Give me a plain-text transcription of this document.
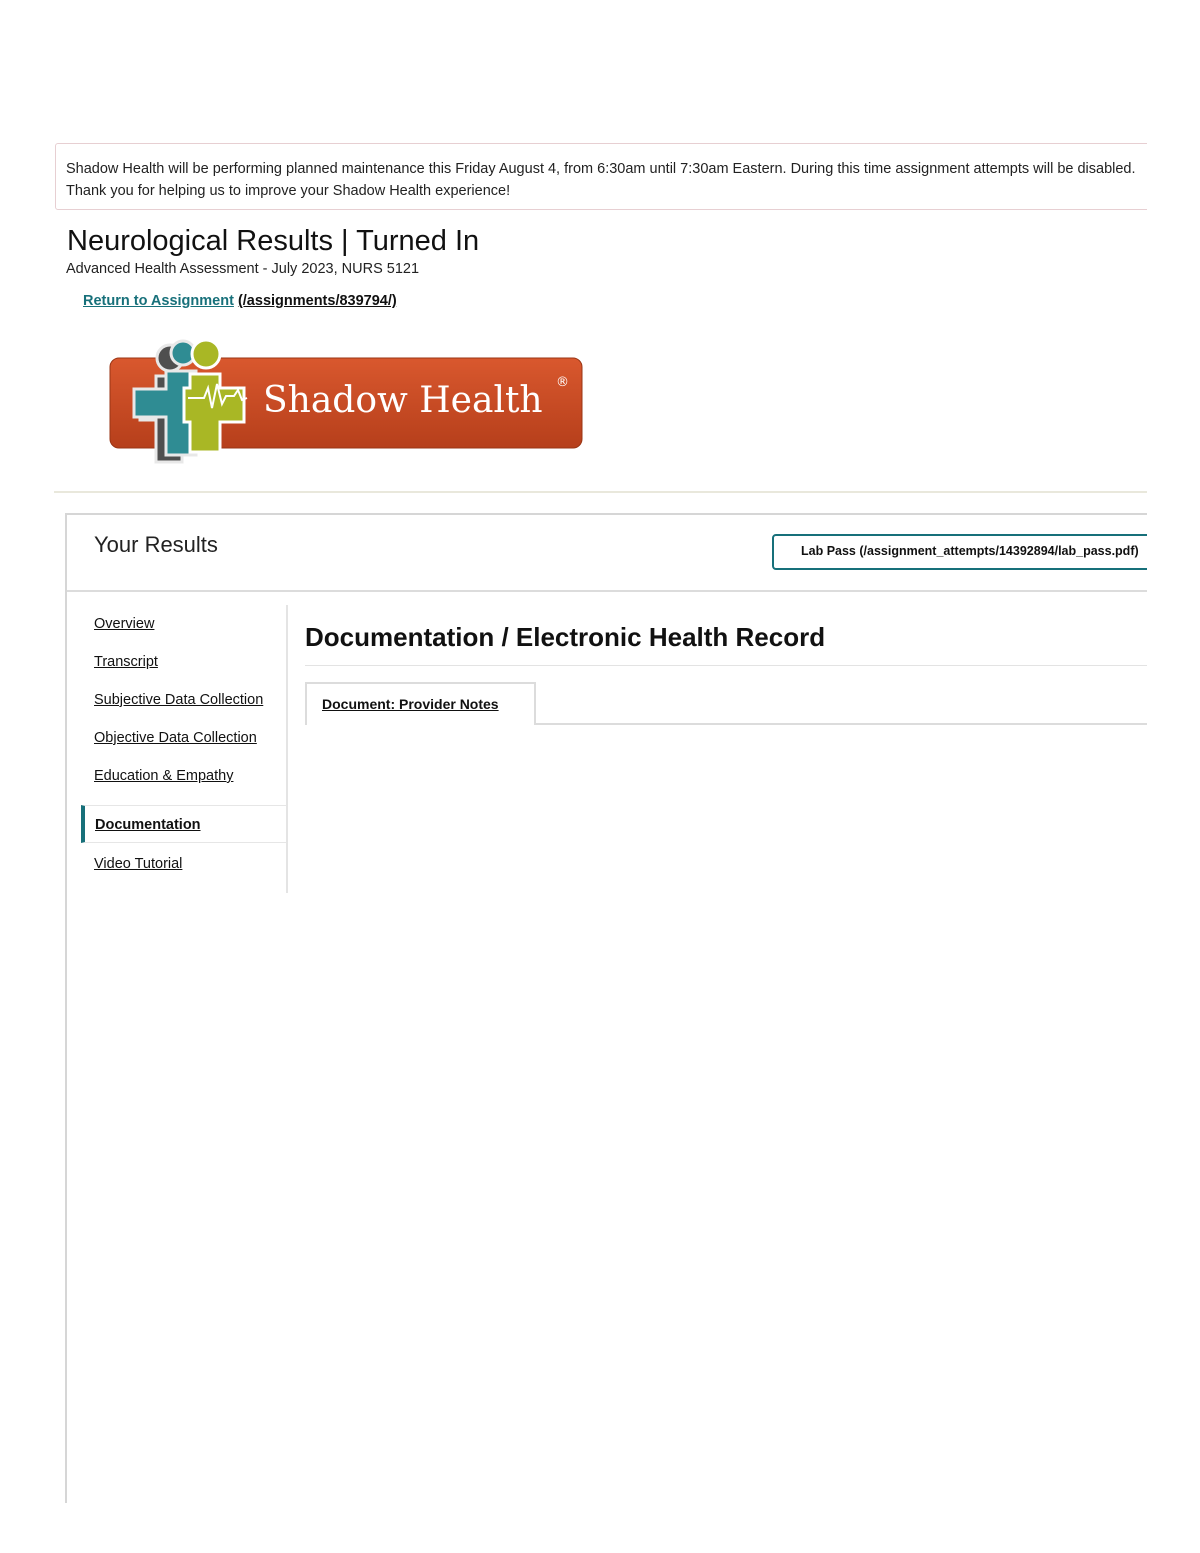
Shadow Health will be performing planned maintenance this Friday August 4, from 6:30am until 7:30am Eastern. During this time assignment attempts will be disabled. Thank you for helping us to improve your Shadow Health experience!
Neurological Results | Turned In
Advanced Health Assessment - July 2023, NURS 5121
Return to Assignment (/assignments/839794/)
Shadow Health ®
Your Results	Lab Pass (/assignment_attempts/14392894/lab_pass.pdf)
Overview
Transcript
Subjective Data Collection
Objective Data Collection
Education & Empathy
Documentation
Video Tutorial
Documentation / Electronic Health Record
Document: Provider Notes
